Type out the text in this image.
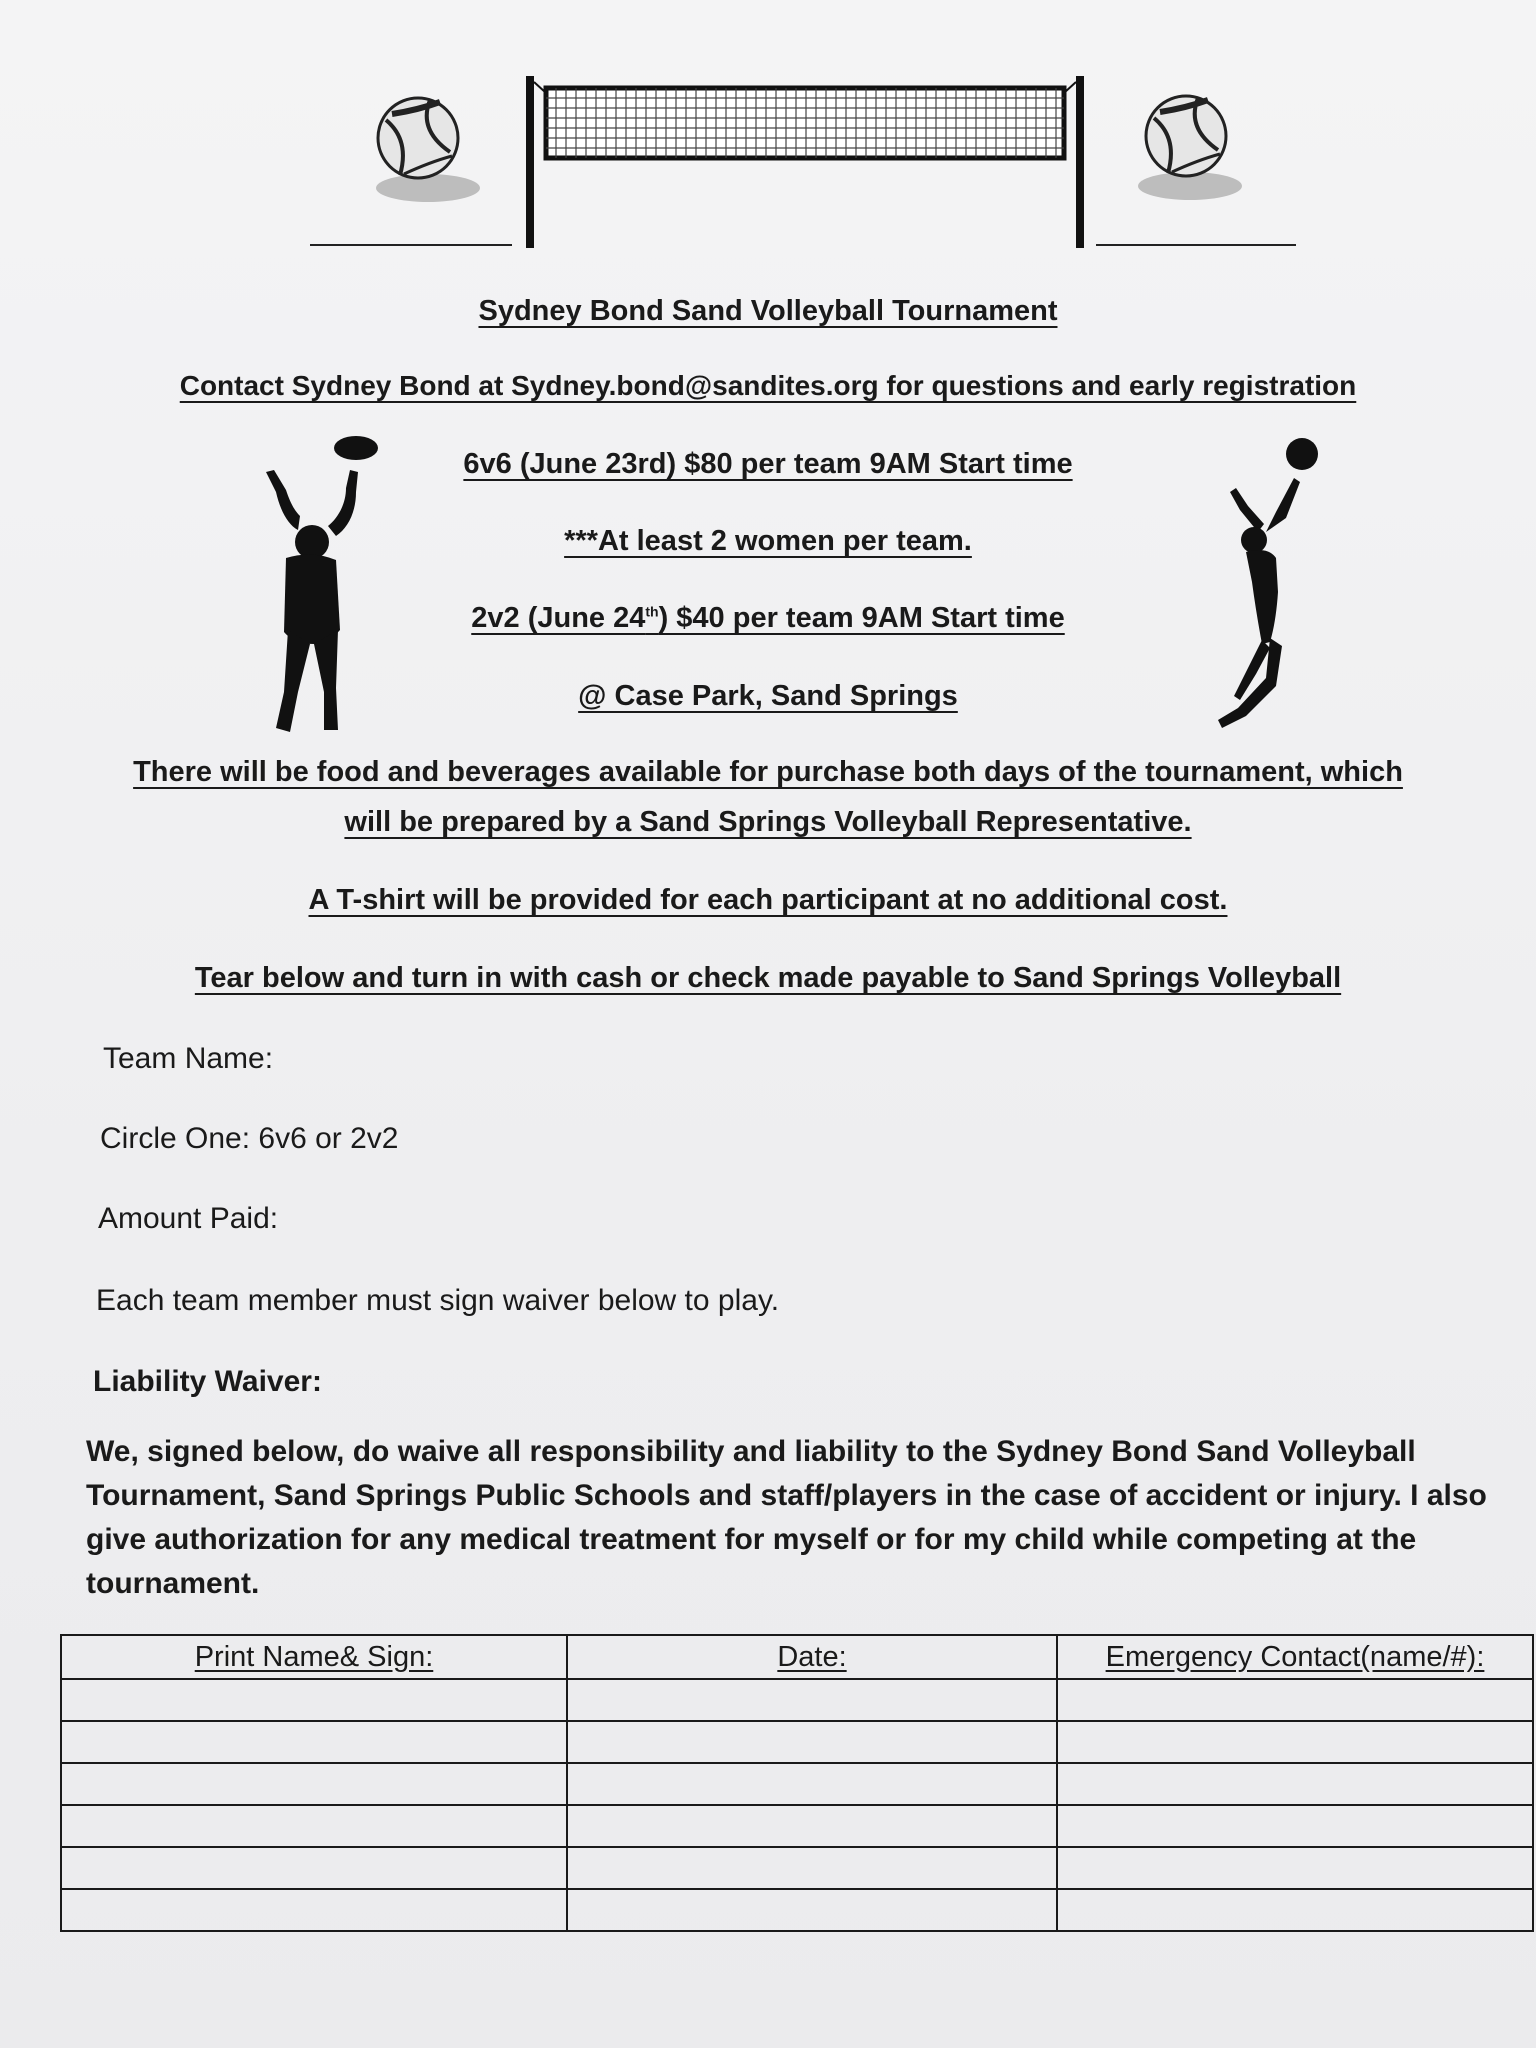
Sydney Bond Sand Volleyball Tournament
Contact Sydney Bond at Sydney.bond@sandites.org for questions and early registration
6v6 (June 23rd) $80 per team 9AM Start time
***At least 2 women per team.
2v2 (June 24th) $40 per team 9AM Start time
@ Case Park, Sand Springs
There will be food and beverages available for purchase both days of the tournament, which
will be prepared by a Sand Springs Volleyball Representative.
A T-shirt will be provided for each participant at no additional cost.
Tear below and turn in with cash or check made payable to Sand Springs Volleyball
Team Name:
Circle One: 6v6 or 2v2
Amount Paid:
Each team member must sign waiver below to play.
Liability Waiver:
We, signed below, do waive all responsibility and liability to the Sydney Bond Sand Volleyball Tournament, Sand Springs Public Schools and staff/players in the case of accident or injury. I also give authorization for any medical treatment for myself or for my child while competing at the tournament.
Print Name& Sign:	Date:	Emergency Contact(name/#):
